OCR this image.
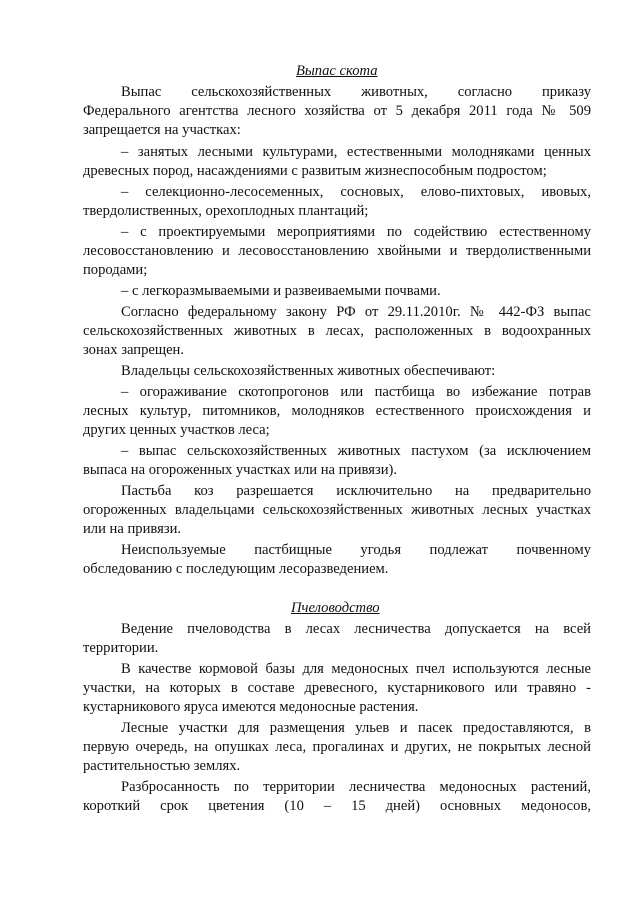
Выпас скота
Выпас сельскохозяйственных животных, согласно приказу
Федерального агентства лесного хозяйства от 5 декабря 2011 года № 509
запрещается на участках:
– занятых лесными культурами, естественными молодняками ценных
древесных пород, насаждениями с развитым жизнеспособным подростом;
– селекционно-лесосеменных, сосновых, елово-пихтовых, ивовых,
твердолиственных, орехоплодных плантаций;
– с проектируемыми мероприятиями по содействию естественному
лесовосстановлению и лесовосстановлению хвойными и твердолиственными
породами;
– с легкоразмываемыми и развеиваемыми почвами.
Согласно федеральному закону РФ от 29.11.2010г. № 442-ФЗ выпас
сельскохозяйственных животных в лесах, расположенных в водоохранных
зонах запрещен.
Владельцы сельскохозяйственных животных обеспечивают:
– огораживание скотопрогонов или пастбища во избежание потрав
лесных культур, питомников, молодняков естественного происхождения и
других ценных участков леса;
– выпас сельскохозяйственных животных пастухом (за исключением
выпаса на огороженных участках или на привязи).
Пастьба коз разрешается исключительно на предварительно
огороженных владельцами сельскохозяйственных животных лесных участках
или на привязи.
Неиспользуемые пастбищные угодья подлежат почвенному
обследованию с последующим лесоразведением.
Пчеловодство
Ведение пчеловодства в лесах лесничества допускается на всей
территории.
В качестве кормовой базы для медоносных пчел используются лесные
участки, на которых в составе древесного, кустарникового или травяно -
кустарникового яруса имеются медоносные растения.
Лесные участки для размещения ульев и пасек предоставляются, в
первую очередь, на опушках леса, прогалинах и других, не покрытых лесной
растительностью землях.
Разбросанность по территории лесничества медоносных растений,
короткий срок цветения (10 – 15 дней) основных медоносов,
